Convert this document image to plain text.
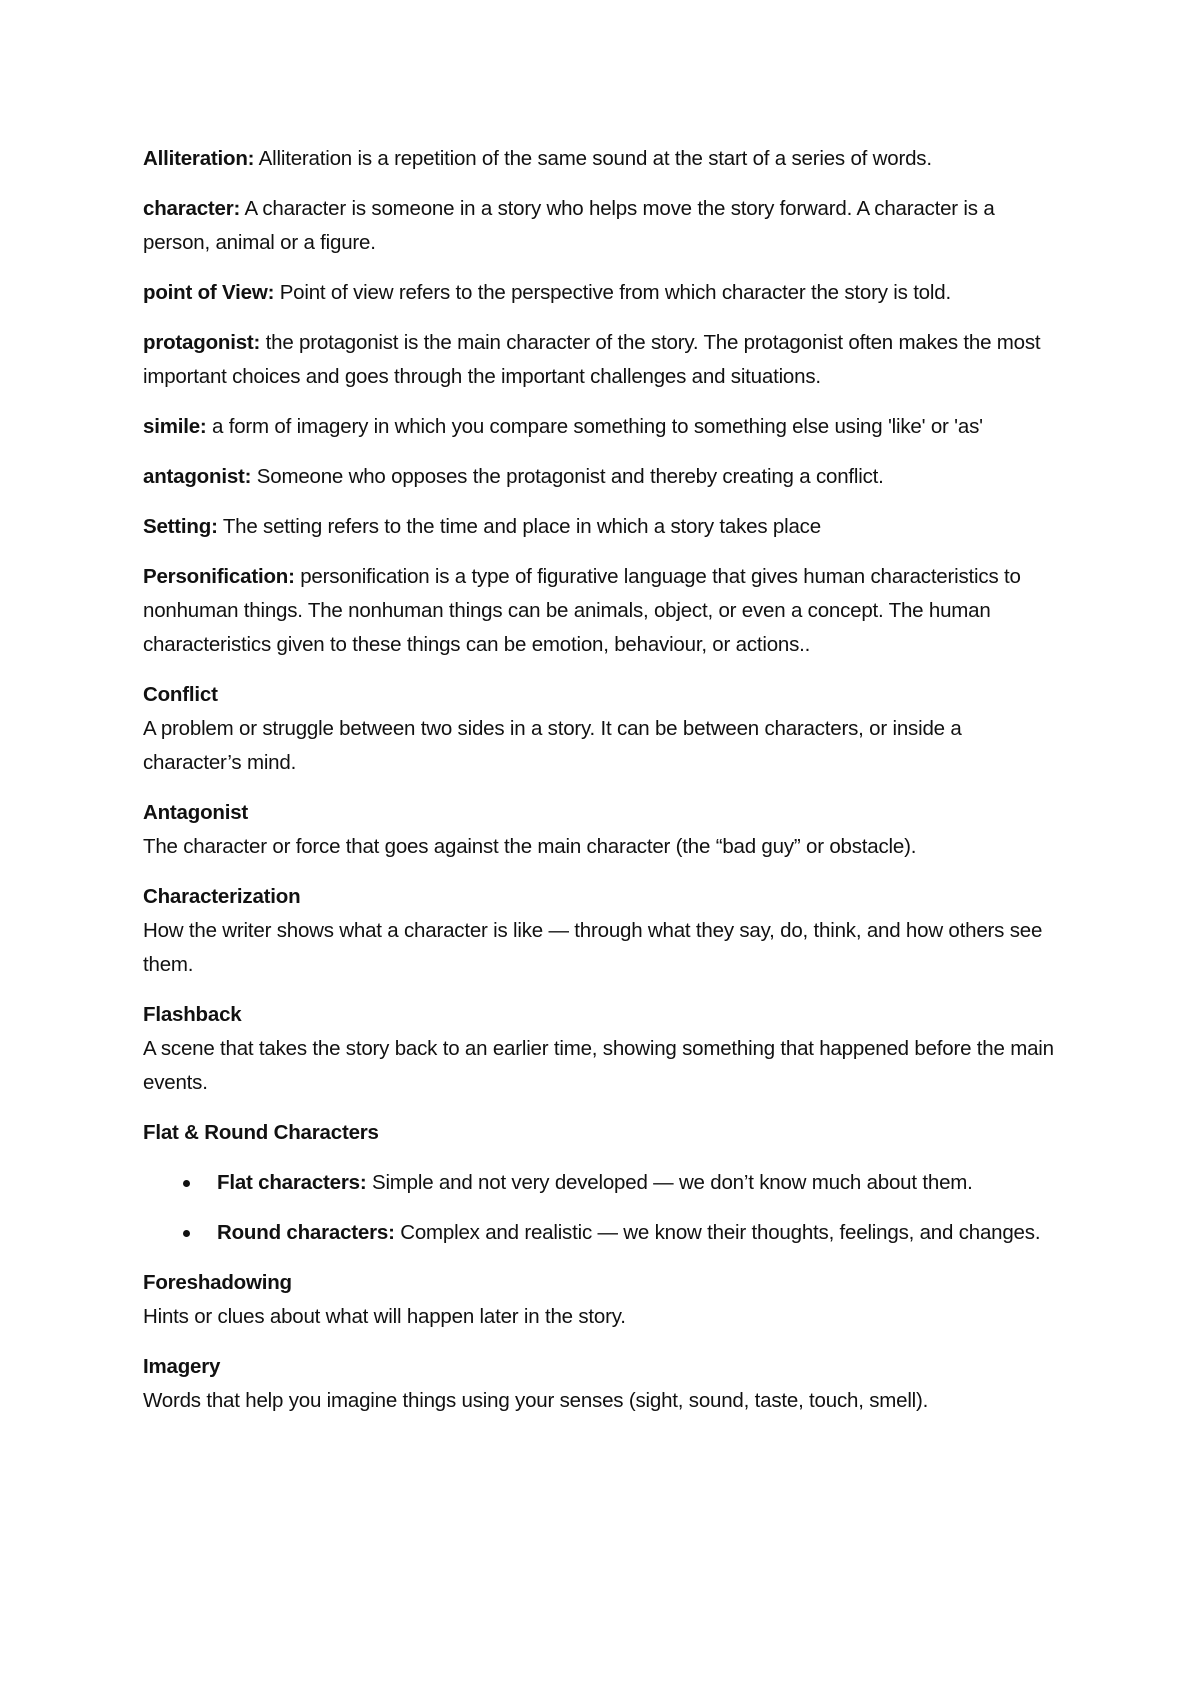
Alliteration: Alliteration is a repetition of the same sound at the start of a series of words.

character: A character is someone in a story who helps move the story forward. A character is a person, animal or a figure.

point of View: Point of view refers to the perspective from which character the story is told.

protagonist: the protagonist is the main character of the story. The protagonist often makes the most important choices and goes through the important challenges and situations.

simile: a form of imagery in which you compare something to something else using 'like' or 'as'

antagonist: Someone who opposes the protagonist and thereby creating a conflict.

Setting: The setting refers to the time and place in which a story takes place

Personification: personification is a type of figurative language that gives human characteristics to nonhuman things. The nonhuman things can be animals, object, or even a concept. The human characteristics given to these things can be emotion, behaviour, or actions..

Conflict
A problem or struggle between two sides in a story. It can be between characters, or inside a character’s mind.
Antagonist
The character or force that goes against the main character (the “bad guy” or obstacle).
Characterization
How the writer shows what a character is like — through what they say, do, think, and how others see them.
Flashback
A scene that takes the story back to an earlier time, showing something that happened before the main events.
Flat & Round Characters
Flat characters: Simple and not very developed — we don’t know much about them.
Round characters: Complex and realistic — we know their thoughts, feelings, and changes.
Foreshadowing
Hints or clues about what will happen later in the story.
Imagery
Words that help you imagine things using your senses (sight, sound, taste, touch, smell).
